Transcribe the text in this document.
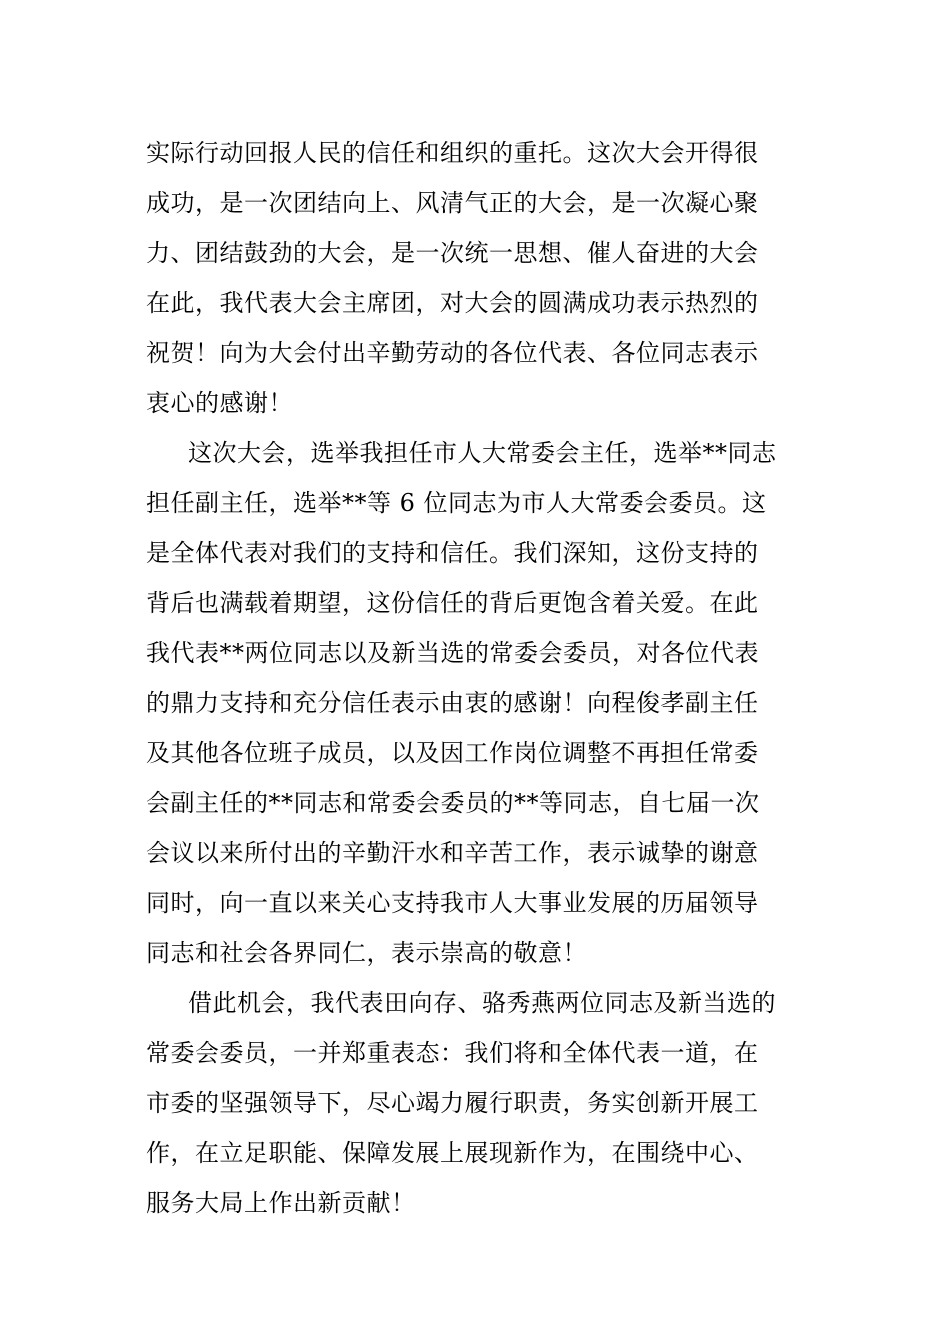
实际行动回报人民的信任和组织的重托。这次大会开得很
成功，是一次团结向上、风清气正的大会，是一次凝心聚
力、团结鼓劲的大会，是一次统一思想、催人奋进的大会
在此，我代表大会主席团，对大会的圆满成功表示热烈的
祝贺！向为大会付出辛勤劳动的各位代表、各位同志表示
衷心的感谢！
这次大会，选举我担任市人大常委会主任，选举**同志
担任副主任，选举**等 6 位同志为市人大常委会委员。这
是全体代表对我们的支持和信任。我们深知，这份支持的
背后也满载着期望，这份信任的背后更饱含着关爱。在此
我代表**两位同志以及新当选的常委会委员，对各位代表
的鼎力支持和充分信任表示由衷的感谢！向程俊孝副主任
及其他各位班子成员，以及因工作岗位调整不再担任常委
会副主任的**同志和常委会委员的**等同志，自七届一次
会议以来所付出的辛勤汗水和辛苦工作，表示诚挚的谢意
同时，向一直以来关心支持我市人大事业发展的历届领导
同志和社会各界同仁，表示崇高的敬意！
借此机会，我代表田向存、骆秀燕两位同志及新当选的
常委会委员，一并郑重表态：我们将和全体代表一道，在
市委的坚强领导下，尽心竭力履行职责，务实创新开展工
作，在立足职能、保障发展上展现新作为，在围绕中心、
服务大局上作出新贡献！
